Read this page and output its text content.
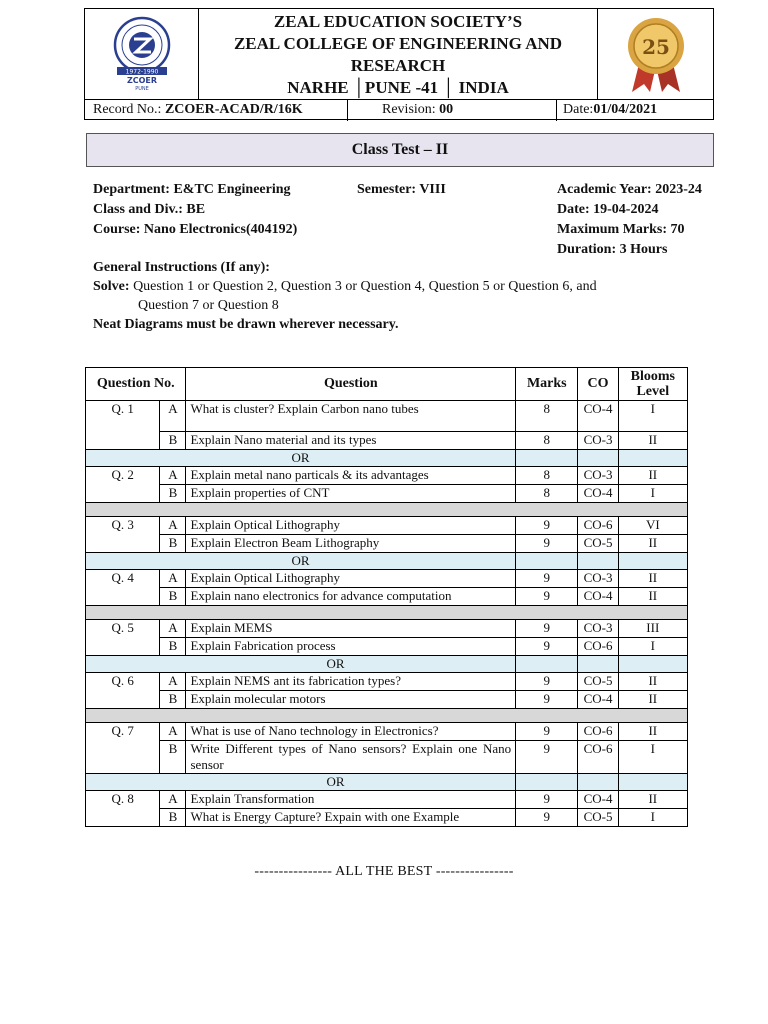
1972-1990
ZCOER
PUNE
ZEAL EDUCATION SOCIETY’S
ZEAL COLLEGE OF ENGINEERING AND
RESEARCH
NARHE │PUNE -41 │ INDIA
25
Record No.: ZCOER-ACAD/R/16K	Revision: 00	Date:01/04/2021
Class Test – II
Department: E&TC Engineering
Class and Div.: BE
Course: Nano Electronics(404192)
Semester: VIII	Academic Year: 2023-24
Date: 19-04-2024
Maximum Marks: 70
Duration: 3 Hours
General Instructions (If any):
Solve: Question 1 or Question 2, Question 3 or Question 4, Question 5 or Question 6, and
Question 7 or Question 8
Neat Diagrams must be drawn wherever necessary.
Question No.		Question	Marks	CO	Blooms Level
Q. 1	A	What is cluster? Explain Carbon nano tubes	8	CO-4	I
	B	Explain Nano material and its types	8	CO-3	II
OR					
Q. 2	A	Explain metal nano particals & its advantages	8	CO-3	II
	B	Explain properties of CNT	8	CO-4	I

Q. 3	A	Explain Optical Lithography	9	CO-6	VI
	B	Explain Electron Beam Lithography	9	CO-5	II
OR					
Q. 4	A	Explain Optical Lithography	9	CO-3	II
	B	Explain nano electronics for advance computation	9	CO-4	II

Q. 5	A	Explain MEMS	9	CO-3	III
	B	Explain Fabrication process	9	CO-6	I
OR					
Q. 6	A	Explain NEMS ant its fabrication types?	9	CO-5	II
	B	Explain molecular motors	9	CO-4	II

Q. 7	A	What is use of Nano technology in Electronics?	9	CO-6	II
	B	Write Different types of Nano sensors? Explain one Nano sensor	9	CO-6	I
OR					
Q. 8	A	Explain Transformation	9	CO-4	II
	B	What is Energy Capture? Expain with one Example	9	CO-5	I
---------------- ALL THE BEST ----------------
